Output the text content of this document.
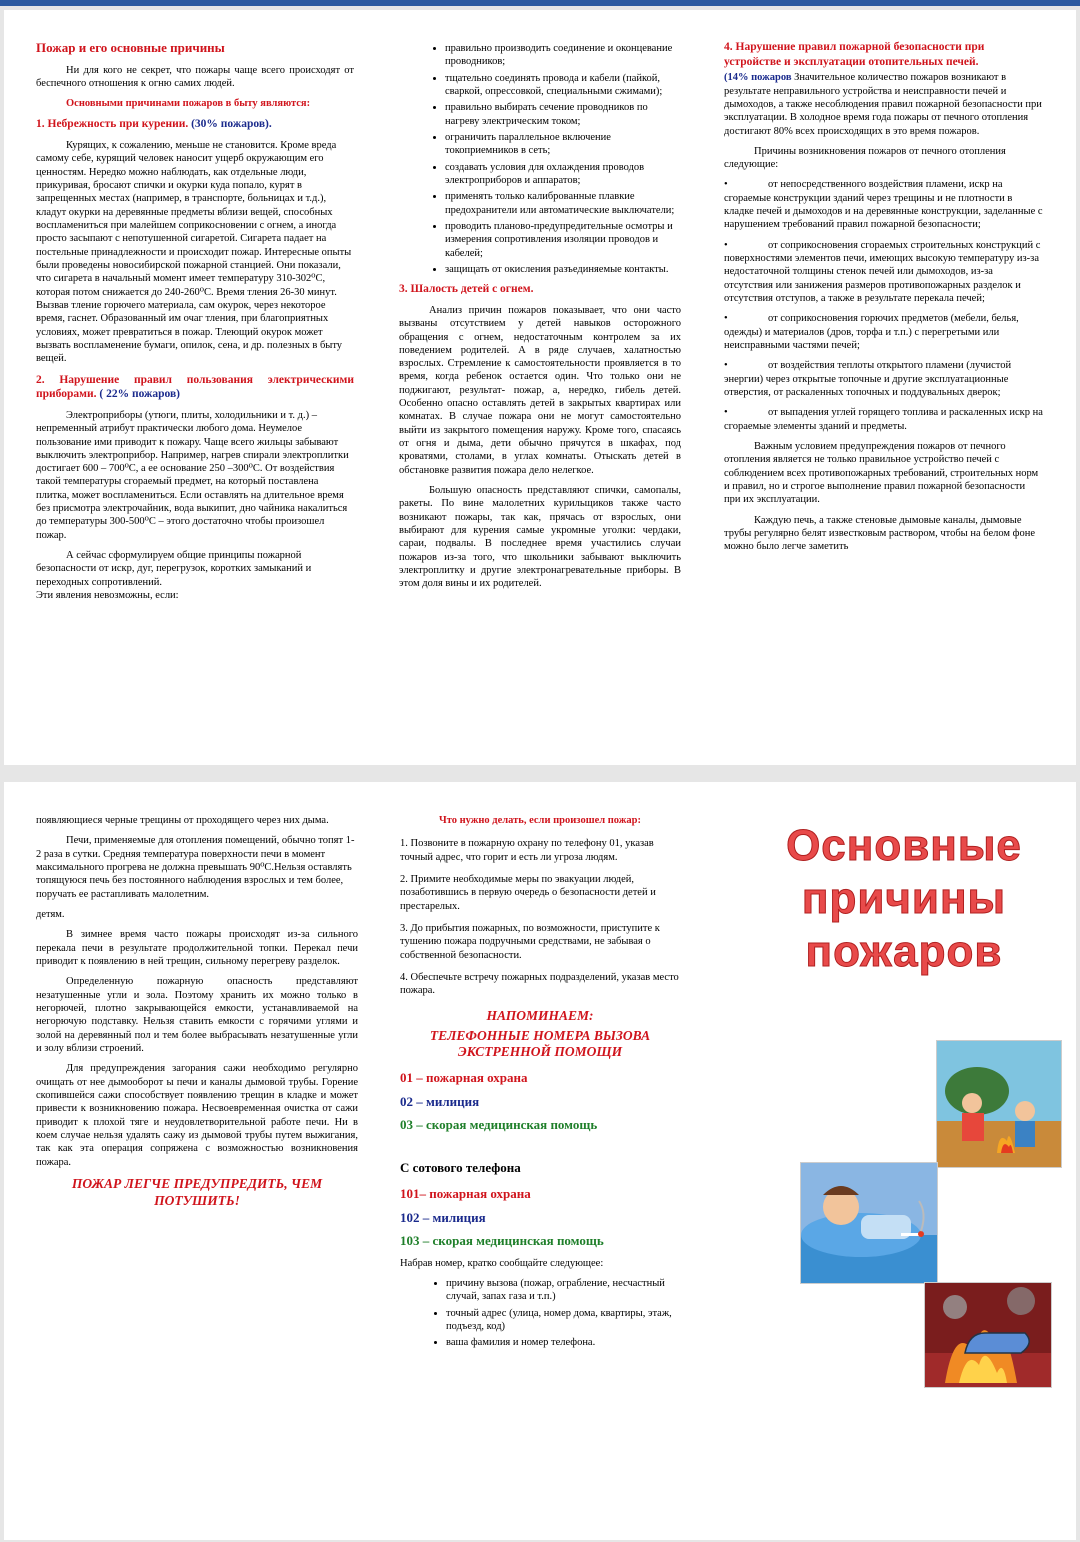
Пожар и его основные причины

Ни для кого не секрет, что пожары чаще всего происходят от беспечного отношения к огню самих людей.

Основными причинами пожаров в быту являются:

1. Небрежность при курении. (30% пожаров).

Курящих, к сожалению, меньше не становится. Кроме вреда самому себе, курящий человек наносит ущерб окружающим его ценностям. Нередко можно наблюдать, как отдельные люди, прикуривая, бросают спички и окурки куда попало, курят в запрещенных местах (например, в транспорте, больницах и т.д.), кладут окурки на деревянные предметы вблизи вещей, способных воспламениться при малейшем соприкосновении с огнем, а иногда просто засыпают с непотушенной сигаретой. Сигарета падает на постельные принадлежности и происходит пожар. Интересные опыты были проведены новосибирской пожарной станцией. Они показали, что сигарета в начальный момент имеет температуру 310-302⁰С, которая потом снижается до 240-260⁰С. Время тления 26-30 минут. Вызвав тление горючего материала, сам окурок, через некоторое время, гаснет. Образованный им очаг тления, при благоприятных условиях, может превратиться в пожар. Тлеющий окурок может вызвать воспламенение бумаги, опилок, сена, и др. полезных в быту вещей.

2. Нарушение правил пользования электрическими приборами. ( 22% пожаров)

Электроприборы (утюги, плиты, холодильники и т. д.) – непременный атрибут практически любого дома. Неумелое пользование ими приводит к пожару. Чаще всего жильцы забывают выключить электроприбор. Например, нагрев спирали электроплитки достигает 600 – 700⁰С, а ее основание 250 –300⁰С. От воздействия такой температуры сгораемый предмет, на который поставлена плитка, может воспламениться. Если оставлять на длительное время без присмотра электрочайник, вода выкипит, дно чайника накалиться до температуры 300-500⁰С – этого достаточно чтобы произошел пожар.

А сейчас сформулируем общие принципы пожарной безопасности от искр, дуг, перегрузок, коротких замыканий и переходных сопротивлений.

Эти явления невозможны, если:

• правильно производить соединение и оконцевание проводников;
• тщательно соединять провода и кабели (пайкой, сваркой, опрессовкой, специальными сжимами);
• правильно выбирать сечение проводников по нагреву электрическим током;
• ограничить параллельное включение токоприемников в сеть;
• создавать условия для охлаждения проводов электроприборов и аппаратов;
• применять только калиброванные плавкие предохранители или автоматические выключатели;
• проводить планово-предупредительные осмотры и измерения сопротивления изоляции проводов и кабелей;
• защищать от окисления разъединяемые контакты.

3. Шалость детей с огнем.

Анализ причин пожаров показывает, что они часто вызваны отсутствием у детей навыков осторожного обращения с огнем, недостаточным контролем за их поведением родителей. А в ряде случаев, халатностью взрослых. Стремление к самостоятельности проявляется в то время, когда ребенок остается один. Что только они не поджигают, результат- пожар, а, нередко, гибель детей. Особенно опасно оставлять детей в закрытых квартирах или комнатах. В случае пожара они не могут самостоятельно выйти из закрытого помещения наружу. Кроме того, спасаясь от огня и дыма, дети обычно прячутся в шкафах, под кроватями, столами, в углах комнаты. Отыскать детей в обстановке развития пожара дело нелегкое.

Большую опасность представляют спички, самопалы, ракеты. По вине малолетних курильщиков также часто возникают пожары, так как, прячась от взрослых, они выбирают для курения самые укромные уголки: чердаки, сараи, подвалы. В последнее время участились случаи пожаров из-за того, что школьники забывают выключить электроплитку и другие электронагревательные приборы. В этом доля вины и их родителей.

4. Нарушение правил пожарной безопасности при устройстве и эксплуатации отопительных печей.

(14% пожаров Значительное количество пожаров возникают в результате неправильного устройства и неисправности печей и дымоходов, а также несоблюдения правил пожарной безопасности при эксплуатации. В холодное время года пожары от печного отопления достигают 80% всех происходящих в это время пожаров.

Причины возникновения пожаров от печного отопления следующие:

•	от непосредственного воздействия пламени, искр на сгораемые конструкции зданий через трещины и не плотности в кладке печей и дымоходов и на деревянные конструкции, заделанные с нарушением требований правил пожарной безопасности;

•	от соприкосновения сгораемых строительных конструкций с поверхностями элементов печи, имеющих высокую температуру из-за недостаточной толщины стенок печей или дымоходов, из-за отсутствия или занижения размеров противопожарных разделок и отсутствия отступов, а также в результате перекала печей;

•	от соприкосновения горючих предметов (мебели, белья, одежды) и материалов (дров, торфа и т.п.) с перегретыми или неисправными частями печей;

•	от воздействия теплоты открытого пламени (лучистой энергии) через открытые топочные и другие эксплуатационные отверстия, от раскаленных топочных и поддувальных дверок;

•	от выпадения углей горящего топлива и раскаленных искр на сгораемые элементы зданий и предметы.

Важным условием предупреждения пожаров от печного отопления является не только правильное устройство печей с соблюдением всех противопожарных требований, строительных норм и правил, но и строгое выполнение правил пожарной безопасности при их эксплуатации.

Каждую печь, а также стеновые дымовые каналы, дымовые трубы регулярно белят известковым раствором, чтобы на белом фоне можно было легче заметить

появляющиеся черные трещины от проходящего через них дыма.

Печи, применяемые для отопления помещений, обычно топят 1-2 раза в сутки. Средняя температура поверхности печи в момент максимального прогрева не должна превышать 90⁰С.Нельзя оставлять топящуюся печь без постоянного наблюдения взрослых и тем более, поручать ее растапливать малолетним.

детям.

В зимнее время часто пожары происходят из-за сильного перекала печи в результате продолжительной топки. Перекал печи приводит к появлению в ней трещин, сильному перегреву разделок.

Определенную пожарную опасность представляют незатушенные угли и зола. Поэтому хранить их можно только в негорючей, плотно закрывающейся емкости, устанавливаемой на негорючую подставку. Нельзя ставить емкости с горячими углями и золой на деревянный пол и тем более выбрасывать незатушенные угли и золу вблизи строений.

Для предупреждения загорания сажи необходимо регулярно очищать от нее дымооборот ы печи и каналы дымовой трубы. Горение скопившейся сажи способствует появлению трещин в кладке и может привести к возникновению пожара. Несвоевременная очистка от сажи приводит к плохой тяге и неудовлетворительной работе печи. Ни в коем случае нельзя удалять сажу из дымовой трубы путем выжигания, так как эта операция сопряжена с возможностью возникновения пожара.

ПОЖАР ЛЕГЧЕ ПРЕДУПРЕДИТЬ, ЧЕМ ПОТУШИТЬ!

Что нужно делать, если произошел пожар:

1. Позвоните в пожарную охрану по телефону 01, указав точный адрес, что горит и есть ли угроза людям.

2. Примите необходимые меры по эвакуации людей, позаботившись в первую очередь о безопасности детей и престарелых.

3. До прибытия пожарных, по возможности, приступите к тушению пожара подручными средствами, не забывая о собственной безопасности.

4. Обеспечьте встречу пожарных подразделений, указав место пожара.

НАПОМИНАЕМ:

ТЕЛЕФОННЫЕ НОМЕРА ВЫЗОВА ЭКСТРЕННОЙ ПОМОЩИ

01 – пожарная охрана

02 – милиция

03 – скорая медицинская помощь

С сотового телефона

101– пожарная охрана

102 – милиция

103 – скорая медицинская помощь

Набрав номер, кратко сообщайте следующее:

• причину вызова (пожар, ограбление, несчастный случай, запах газа и т.п.)
• точный адрес (улица, номер дома, квартиры, этаж, подъезд, код)
• ваша фамилия и номер телефона.
Основные
причины
пожаров
